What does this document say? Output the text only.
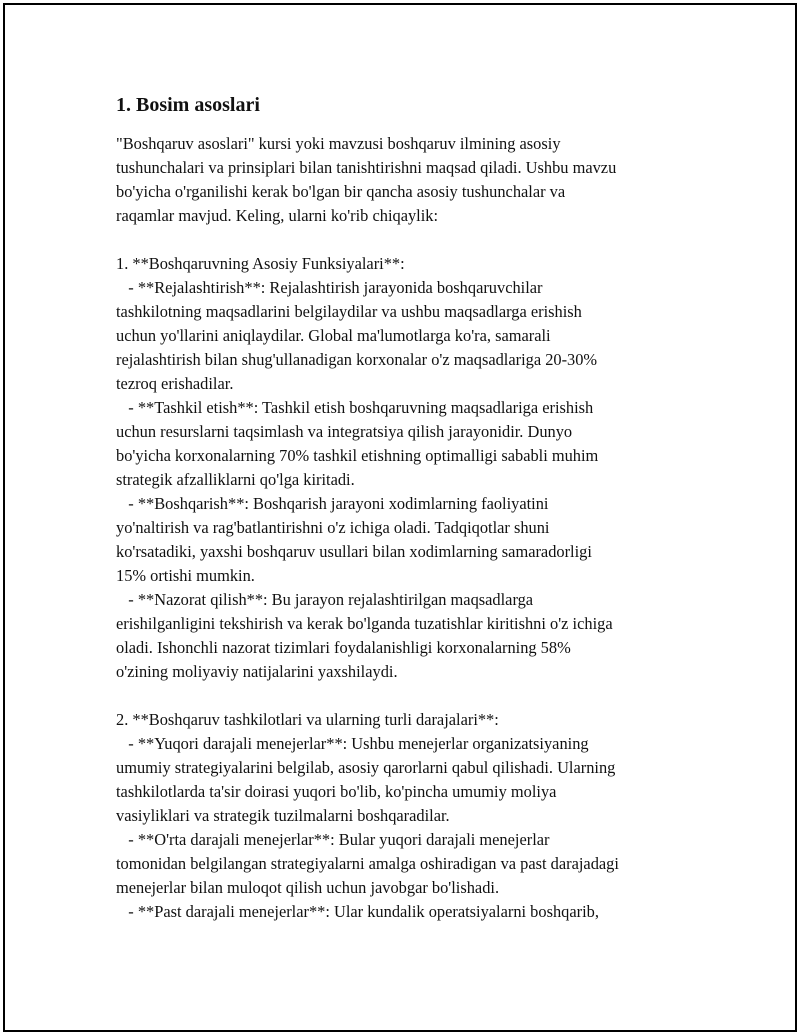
1. Bosim asoslari
"Boshqaruv asoslari" kursi yoki mavzusi boshqaruv ilmining asosiy
tushunchalari va prinsiplari bilan tanishtirishni maqsad qiladi. Ushbu mavzu
bo'yicha o'rganilishi kerak bo'lgan bir qancha asosiy tushunchalar va
raqamlar mavjud. Keling, ularni ko'rib chiqaylik:
1. **Boshqaruvning Asosiy Funksiyalari**:
- **Rejalashtirish**: Rejalashtirish jarayonida boshqaruvchilar
tashkilotning maqsadlarini belgilaydilar va ushbu maqsadlarga erishish
uchun yo'llarini aniqlaydilar. Global ma'lumotlarga ko'ra, samarali
rejalashtirish bilan shug'ullanadigan korxonalar o'z maqsadlariga 20-30%
tezroq erishadilar.
- **Tashkil etish**: Tashkil etish boshqaruvning maqsadlariga erishish
uchun resurslarni taqsimlash va integratsiya qilish jarayonidir. Dunyo
bo'yicha korxonalarning 70% tashkil etishning optimalligi sababli muhim
strategik afzalliklarni qo'lga kiritadi.
- **Boshqarish**: Boshqarish jarayoni xodimlarning faoliyatini
yo'naltirish va rag'batlantirishni o'z ichiga oladi. Tadqiqotlar shuni
ko'rsatadiki, yaxshi boshqaruv usullari bilan xodimlarning samaradorligi
15% ortishi mumkin.
- **Nazorat qilish**: Bu jarayon rejalashtirilgan maqsadlarga
erishilganligini tekshirish va kerak bo'lganda tuzatishlar kiritishni o'z ichiga
oladi. Ishonchli nazorat tizimlari foydalanishligi korxonalarning 58%
o'zining moliyaviy natijalarini yaxshilaydi.
2. **Boshqaruv tashkilotlari va ularning turli darajalari**:
- **Yuqori darajali menejerlar**: Ushbu menejerlar organizatsiyaning
umumiy strategiyalarini belgilab, asosiy qarorlarni qabul qilishadi. Ularning
tashkilotlarda ta'sir doirasi yuqori bo'lib, ko'pincha umumiy moliya
vasiyliklari va strategik tuzilmalarni boshqaradilar.
- **O'rta darajali menejerlar**: Bular yuqori darajali menejerlar
tomonidan belgilangan strategiyalarni amalga oshiradigan va past darajadagi
menejerlar bilan muloqot qilish uchun javobgar bo'lishadi.
- **Past darajali menejerlar**: Ular kundalik operatsiyalarni boshqarib,
